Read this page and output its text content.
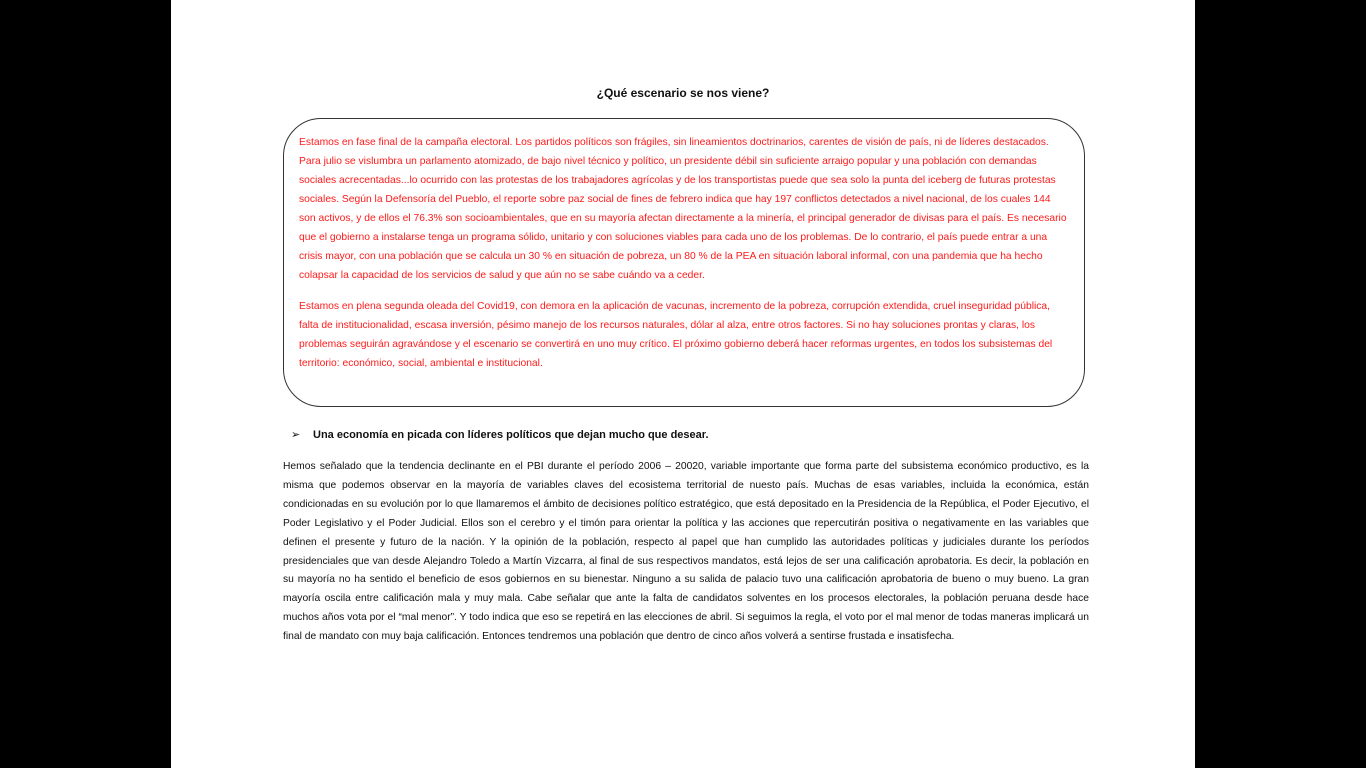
¿Qué escenario se nos viene?

Estamos en fase final de la campaña electoral. Los partidos políticos son frágiles, sin lineamientos doctrinarios, carentes de visión de país, ni de líderes destacados. Para julio se vislumbra un parlamento atomizado, de bajo nivel técnico y político, un presidente débil sin suficiente arraigo popular y una población con demandas sociales acrecentadas...lo ocurrido con las protestas de los trabajadores agrícolas y de los transportistas puede que sea solo la punta del iceberg de futuras protestas sociales. Según la Defensoría del Pueblo, el reporte sobre paz social de fines de febrero indica que hay 197 conflictos detectados a nivel nacional, de los cuales 144 son activos, y de ellos el 76.3% son socioambientales, que en su mayoría afectan directamente a la minería, el principal generador de divisas para el país. Es necesario que el gobierno a instalarse tenga un programa sólido, unitario y con soluciones viables para cada uno de los problemas. De lo contrario, el país puede entrar a una crisis mayor, con una población que se calcula un 30 % en situación de pobreza, un 80 % de la PEA en situación laboral informal, con una pandemia que ha hecho colapsar la capacidad de los servicios de salud y que aún no se sabe cuándo va a ceder.

Estamos en plena segunda oleada del Covid19, con demora en la aplicación de vacunas, incremento de la pobreza, corrupción extendida, cruel inseguridad pública, falta de institucionalidad, escasa inversión, pésimo manejo de los recursos naturales, dólar al alza, entre otros factores. Si no hay soluciones prontas y claras, los problemas seguirán agravándose y el escenario se convertirá en uno muy crítico. El próximo gobierno deberá hacer reformas urgentes, en todos los subsistemas del territorio: económico, social, ambiental e institucional.

➢	Una economía en picada con líderes políticos que dejan mucho que desear.

Hemos señalado que la tendencia declinante en el PBI durante el período 2006 – 20020, variable importante que forma parte del subsistema económico productivo, es la misma que podemos observar en la mayoría de variables claves del ecosistema territorial de nuesto país. Muchas de esas variables, incluida la económica, están condicionadas en su evolución por lo que llamaremos el ámbito de decisiones político estratégico, que está depositado en la Presidencia de la República, el Poder Ejecutivo, el Poder Legislativo y el Poder Judicial. Ellos son el cerebro y el timón para orientar la política y las acciones que repercutirán positiva o negativamente en las variables que definen el presente y futuro de la nación. Y la opinión de la población, respecto al papel que han cumplido las autoridades políticas y judiciales durante los períodos presidenciales que van desde Alejandro Toledo a Martín Vizcarra, al final de sus respectivos mandatos, está lejos de ser una calificación aprobatoria. Es decir, la población en su mayoría no ha sentido el beneficio de esos gobiernos en su bienestar. Ninguno a su salida de palacio tuvo una calificación aprobatoria de bueno o muy bueno. La gran mayoría oscila entre calificación mala y muy mala. Cabe señalar que ante la falta de candidatos solventes en los procesos electorales, la población peruana desde hace muchos años vota por el “mal menor”. Y todo indica que eso se repetirá en las elecciones de abril. Si seguimos la regla, el voto por el mal menor de todas maneras implicará un final de mandato con muy baja calificación. Entonces tendremos una población que dentro de cinco años volverá a sentirse frustada e insatisfecha.
